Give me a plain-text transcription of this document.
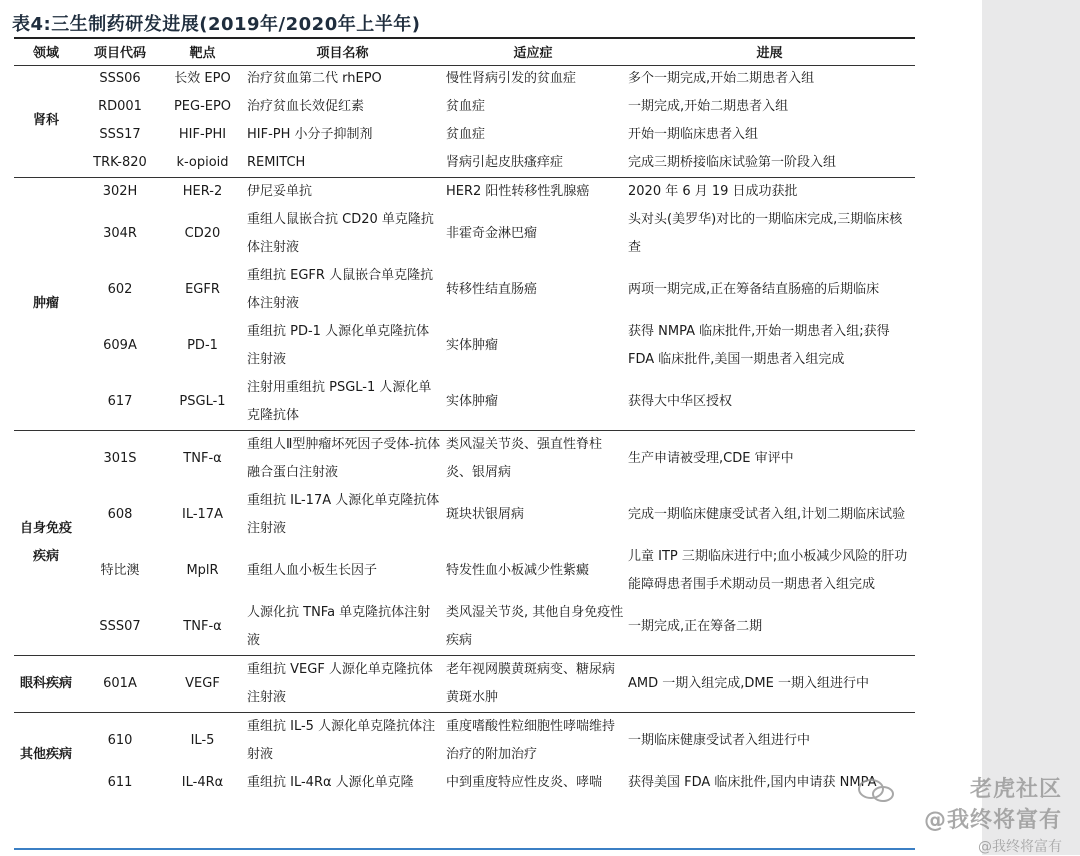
表4:三生制药研发进展(2019年/2020年上半年)
领域	项目代码	靶点	项目名称	适应症	进展
肾科	SSS06	长效 EPO	治疗贫血第二代 rhEPO	慢性肾病引发的贫血症	多个一期完成,开始二期患者入组
	RD001	PEG-EPO	治疗贫血长效促红素	贫血症	一期完成,开始二期患者入组
	SSS17	HIF-PHI	HIF-PH 小分子抑制剂	贫血症	开始一期临床患者入组
	TRK-820	k-opioid	REMITCH	肾病引起皮肤瘙痒症	完成三期桥接临床试验第一阶段入组
肿瘤	302H	HER-2	伊尼妥单抗	HER2 阳性转移性乳腺癌	2020 年 6 月 19 日成功获批
	304R	CD20	重组人鼠嵌合抗 CD20 单克隆抗体注射液	非霍奇金淋巴瘤	头对头(美罗华)对比的一期临床完成,三期临床核查
	602	EGFR	重组抗 EGFR 人鼠嵌合单克隆抗体注射液	转移性结直肠癌	两项一期完成,正在筹备结直肠癌的后期临床
	609A	PD-1	重组抗 PD-1 人源化单克隆抗体注射液	实体肿瘤	获得 NMPA 临床批件,开始一期患者入组;获得 FDA 临床批件,美国一期患者入组完成
	617	PSGL-1	注射用重组抗 PSGL-1 人源化单克隆抗体	实体肿瘤	获得大中华区授权
自身免疫疾病	301S	TNF-α	重组人Ⅱ型肿瘤坏死因子受体-抗体融合蛋白注射液	类风湿关节炎、强直性脊柱炎、银屑病	生产申请被受理,CDE 审评中
	608	IL-17A	重组抗 IL-17A 人源化单克隆抗体注射液	斑块状银屑病	完成一期临床健康受试者入组,计划二期临床试验
	特比澳	MplR	重组人血小板生长因子	特发性血小板减少性紫癜	儿童 ITP 三期临床进行中;血小板减少风险的肝功能障碍患者围手术期动员一期患者入组完成
	SSS07	TNF-α	人源化抗 TNFa 单克隆抗体注射液	类风湿关节炎, 其他自身免疫性疾病	一期完成,正在筹备二期
眼科疾病	601A	VEGF	重组抗 VEGF 人源化单克隆抗体注射液	老年视网膜黄斑病变、糖尿病黄斑水肿	AMD 一期入组完成,DME 一期入组进行中
其他疾病	610	IL-5	重组抗 IL-5 人源化单克隆抗体注射液	重度嗜酸性粒细胞性哮喘维持治疗的附加治疗	一期临床健康受试者入组进行中
	611	IL-4Rα	重组抗 IL-4Rα 人源化单克隆	中到重度特应性皮炎、哮喘	获得美国 FDA 临床批件,国内申请获 NMPA	老虎社区
@我终将富有
@我终将富有
